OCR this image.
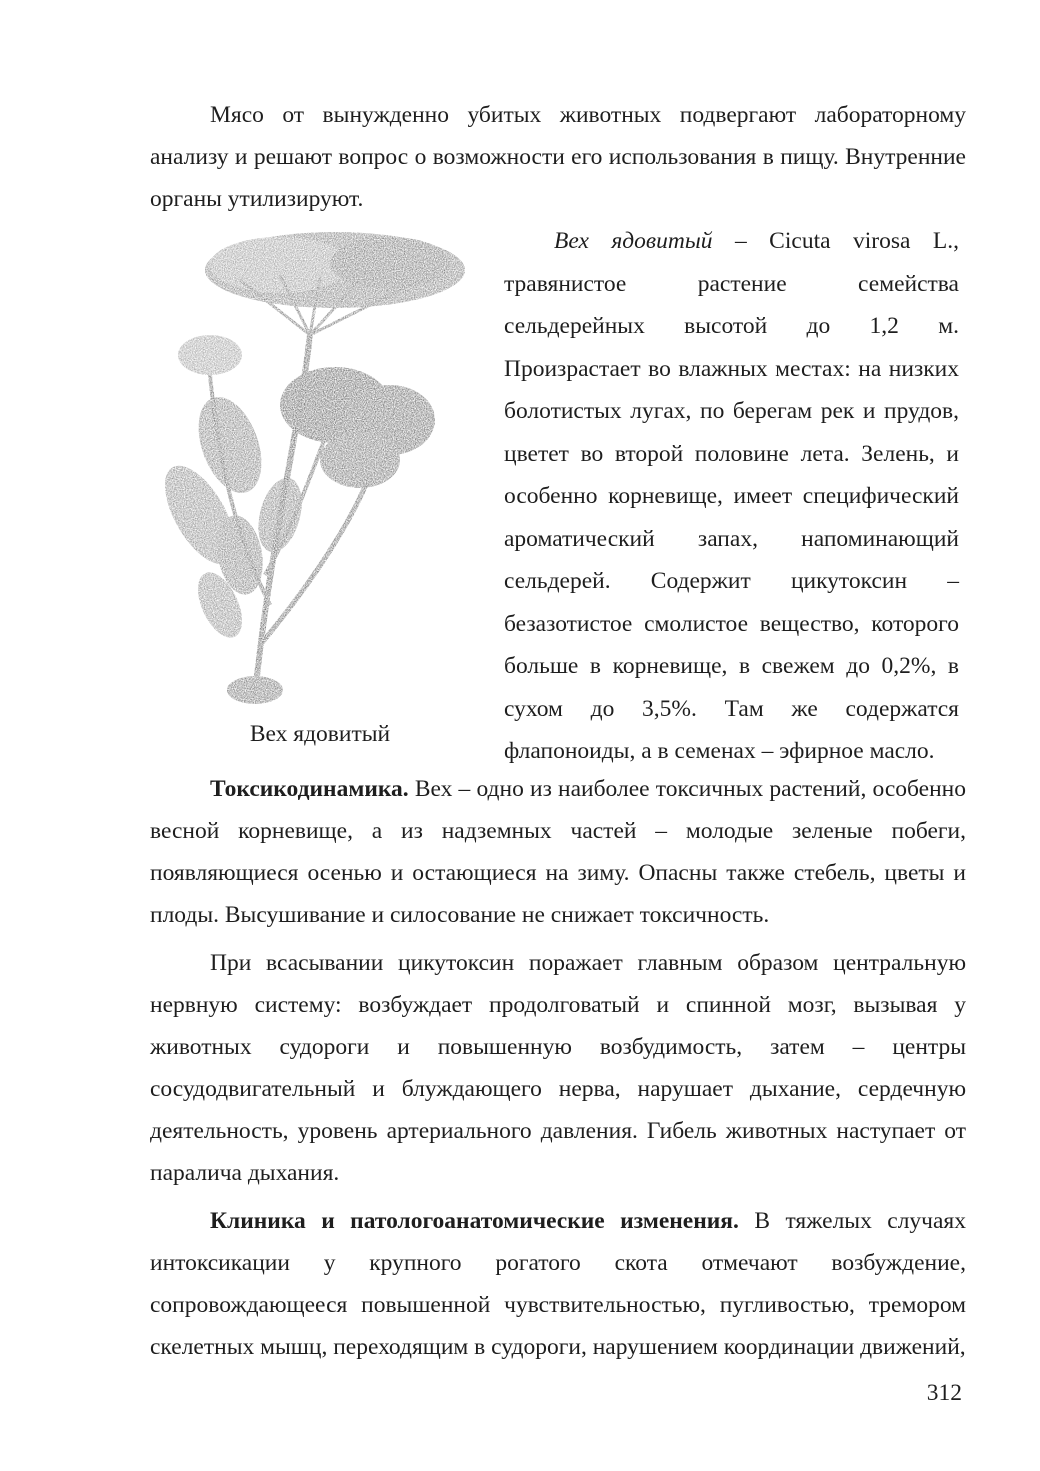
Мясо от вынужденно убитых животных подвергают лабораторному анализу и решают вопрос о возможности его использования в пищу. Внутренние органы утилизируют.

Вех ядовитый

Вех ядовитый – Cicuta virosa L., травянистое растение семейства сельдерейных высотой до 1,2 м. Произрастает во влажных местах: на низких болотистых лугах, по берегам рек и прудов, цветет во второй половине лета. Зелень, и особенно корневище, имеет специфический ароматический запах, напоминающий сельдерей. Содержит цикутоксин – безазотистое смолистое вещество, которого больше в корневище, в свежем до 0,2%, в сухом до 3,5%. Там же содержатся флапоноиды, а в семенах – эфирное масло.

Токсикодинамика. Вех – одно из наиболее токсичных растений, особенно весной корневище, а из надземных частей – молодые зеленые побеги, появляющиеся осенью и остающиеся на зиму. Опасны также стебель, цветы и плоды. Высушивание и силосование не снижает токсичность.

При всасывании цикутоксин поражает главным образом центральную нервную систему: возбуждает продолговатый и спинной мозг, вызывая у животных судороги и повышенную возбудимость, затем – центры сосудодвигательный и блуждающего нерва, нарушает дыхание, сердечную деятельность, уровень артериального давления. Гибель животных наступает от паралича дыхания.

Клиника и патологоанатомические изменения. В тяжелых случаях интоксикации у крупного рогатого скота отмечают возбуждение, сопровождающееся повышенной чувствительностью, пугливостью, тремором скелетных мышц, переходящим в судороги, нарушением координации движений,

312
